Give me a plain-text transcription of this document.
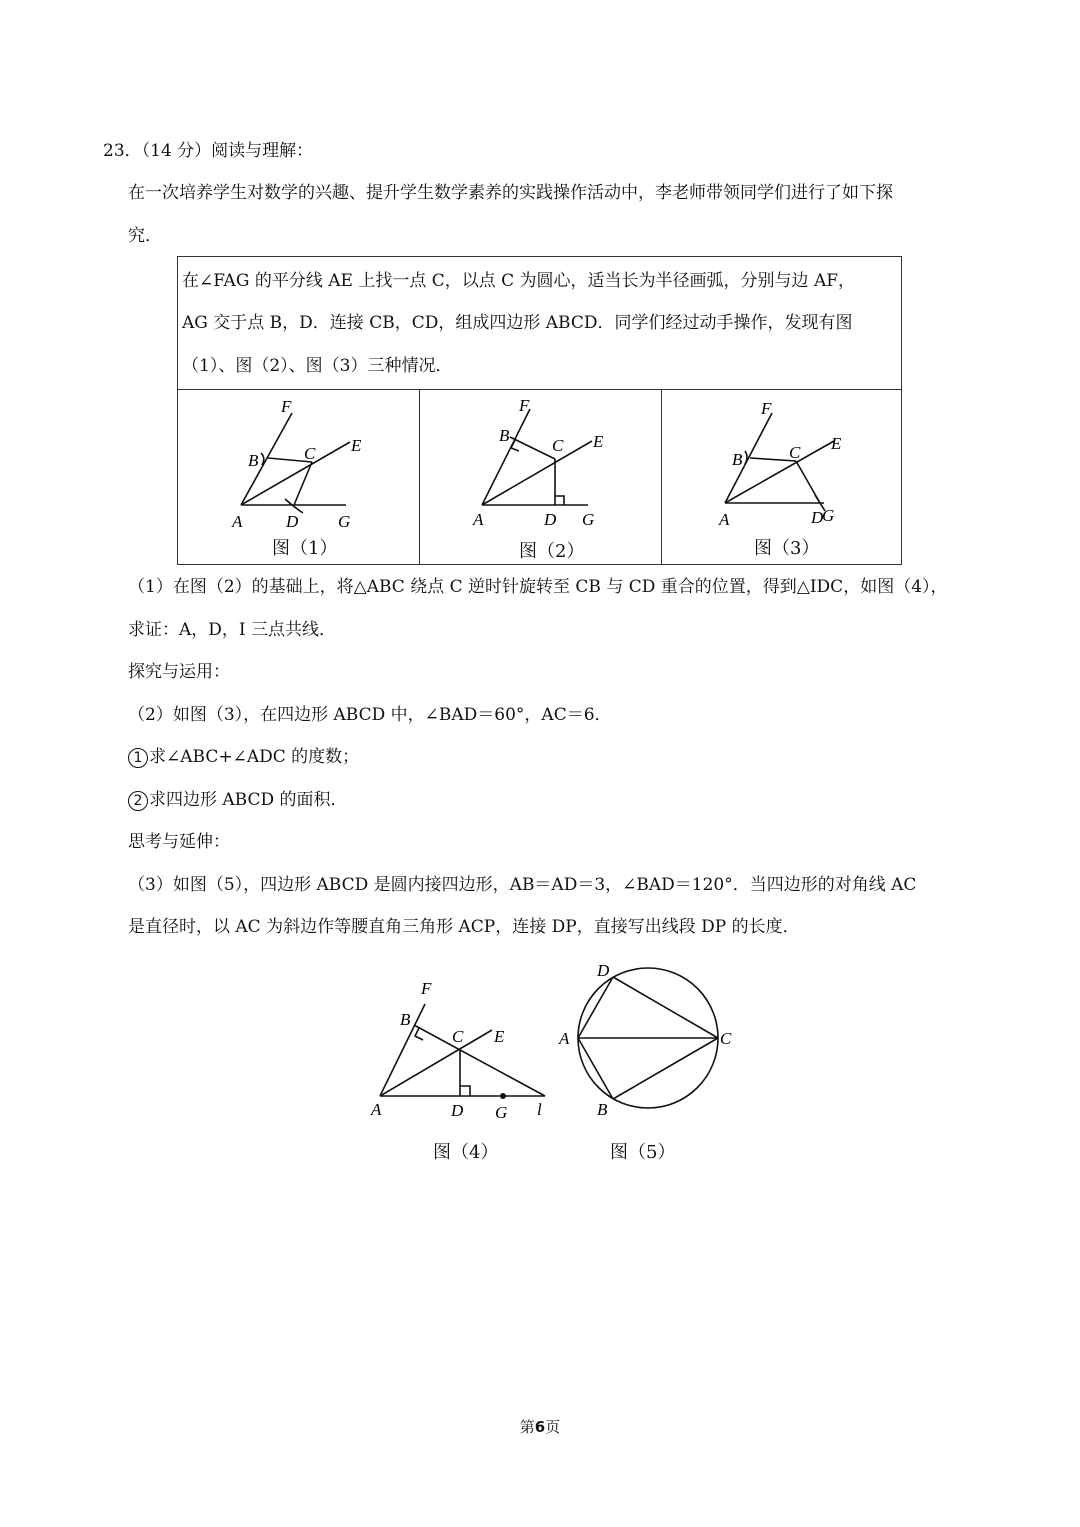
23．（14 分）阅读与理解：
在一次培养学生对数学的兴趣、提升学生数学素养的实践操作活动中，李老师带领同学们进行了如下探
究．
在∠FAG 的平分线 AE 上找一点 C，以点 C 为圆心，适当长为半径画弧，分别与边 AF，
AG 交于点 B，D．连接 CB，CD，组成四边形 ABCD．同学们经过动手操作，发现有图
（1）、图（2）、图（3）三种情况．
F
E
B	C
A	D G
图（1）
F
E
B
C
A	D G
图（2）
F
E
B	C
A	D
G
图（3）
（1）在图（2）的基础上，将△ABC 绕点 C 逆时针旋转至 CB 与 CD 重合的位置，得到△IDC，如图（4），
求证：A，D，I 三点共线．
探究与运用：
（2）如图（3），在四边形 ABCD 中，∠BAD＝60°，AC＝6．
1 求∠ABC+∠ADC 的度数；
2 求四边形 ABCD 的面积．
思考与延伸：
（3）如图（5），四边形 ABCD 是圆内接四边形，AB＝AD＝3，∠BAD＝120°．当四边形的对角线 AC
是直径时，以 AC 为斜边作等腰直角三角形 ACP，连接 DP，直接写出线段 DP 的长度．
F
E
B
C
A	D G l
图（4）
D
A	C
B
图（5）
第6页
